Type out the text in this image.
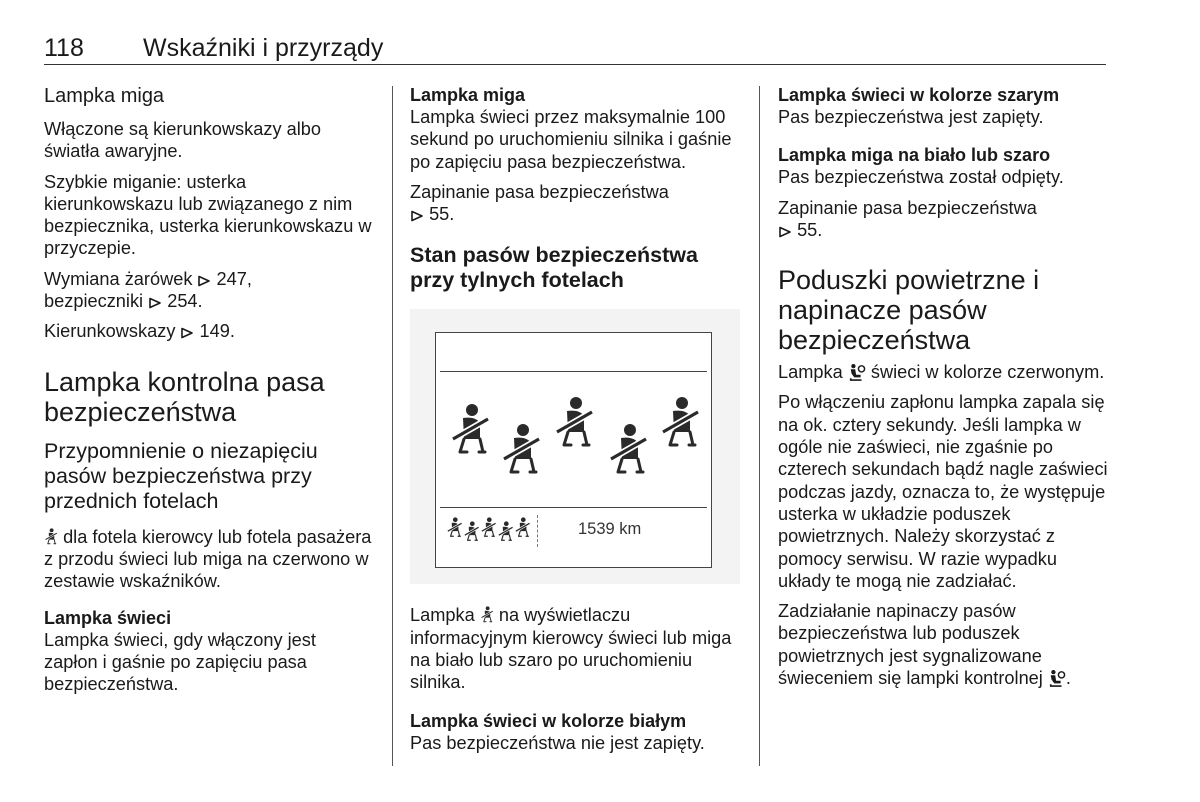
118 Wskaźniki i przyrządy
Lampka miga

Włączone są kierunkowskazy albo światła awaryjne.

Szybkie miganie: usterka kierunkowskazu lub związanego z nim bezpiecznika, usterka kierunkowskazu w przyczepie.

Wymiana żarówek 247,
bezpieczniki 254.

Kierunkowskazy 149.

Lampka kontrolna pasa bezpieczeństwa
Przypomnienie o niezapięciu pasów bezpieczeństwa przy przednich fotelach

dla fotela kierowcy lub fotela pasażera z przodu świeci lub miga na czerwono w zestawie wskaźników.

Lampka świeci

Lampka świeci, gdy włączony jest zapłon i gaśnie po zapięciu pasa bezpieczeństwa.

Lampka miga

Lampka świeci przez maksymalnie 100 sekund po uruchomieniu silnika i gaśnie po zapięciu pasa bezpieczeństwa.

Zapinanie pasa bezpieczeństwa
55.

Stan pasów bezpieczeństwa przy tylnych fotelach
1539 km

Lampka na wyświetlaczu informacyjnym kierowcy świeci lub miga na biało lub szaro po uruchomieniu silnika.

Lampka świeci w kolorze białym

Pas bezpieczeństwa nie jest zapięty.

Lampka świeci w kolorze szarym

Pas bezpieczeństwa jest zapięty.

Lampka miga na biało lub szaro

Pas bezpieczeństwa został odpięty.

Zapinanie pasa bezpieczeństwa
55.

Poduszki powietrzne i napinacze pasów bezpieczeństwa

Lampka świeci w kolorze czerwonym.

Po włączeniu zapłonu lampka zapala się na ok. cztery sekundy. Jeśli lampka w ogóle nie zaświeci, nie zgaśnie po czterech sekundach bądź nagle zaświeci podczas jazdy, oznacza to, że występuje usterka w układzie poduszek powietrznych. Należy skorzystać z pomocy serwisu. W razie wypadku układy te mogą nie zadziałać.

Zadziałanie napinaczy pasów bezpieczeństwa lub poduszek powietrznych jest sygnalizowane świeceniem się lampki kontrolnej .
